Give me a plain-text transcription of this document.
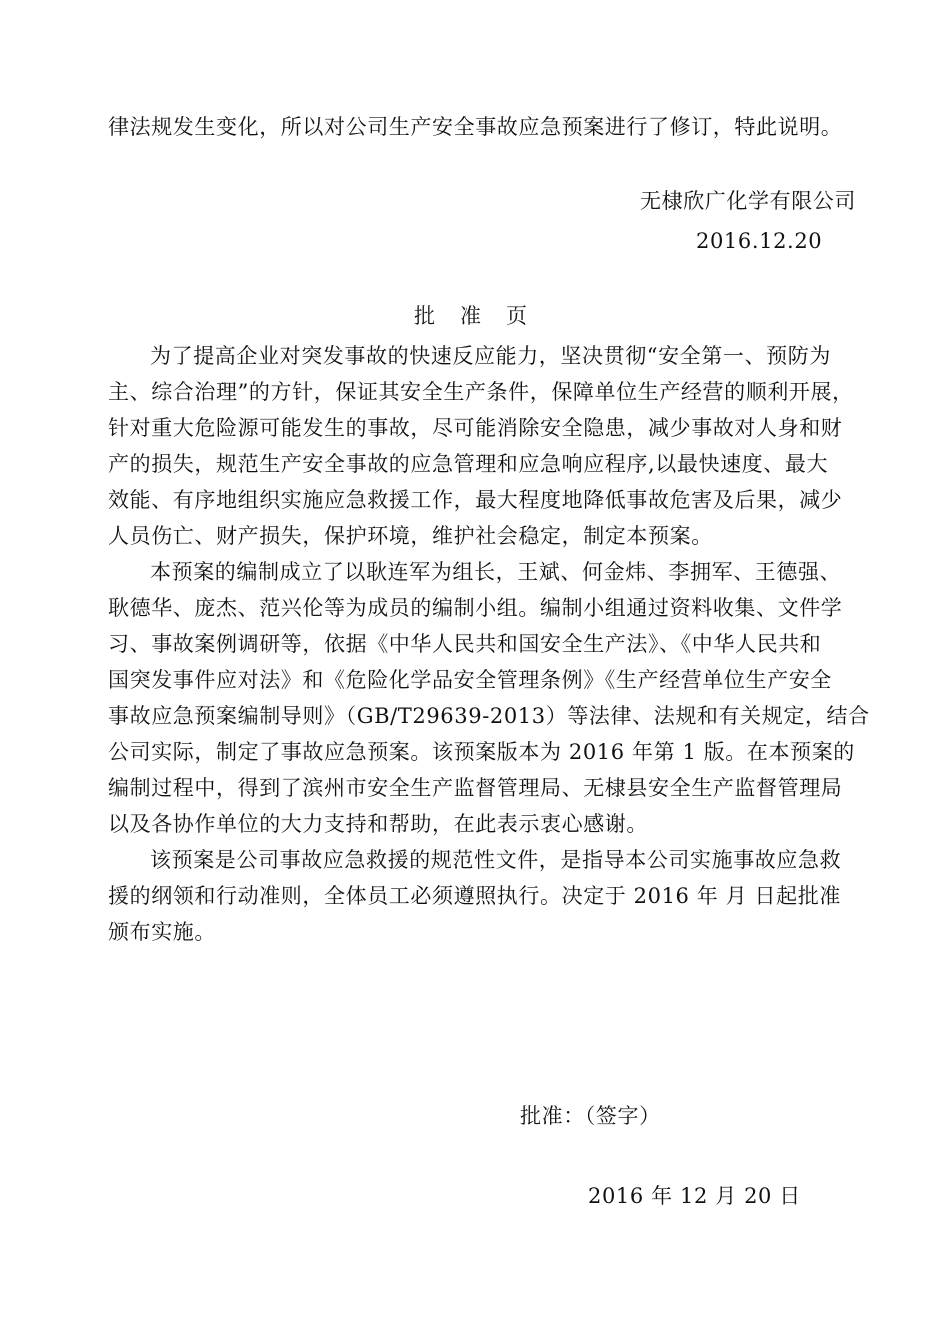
律法规发生变化，所以对公司生产安全事故应急预案进行了修订，特此说明。
无棣欣广化学有限公司
2016.12.20
批　准　页
为了提高企业对突发事故的快速反应能力，坚决贯彻“安全第一、预防为
主、综合治理”的方针，保证其安全生产条件，保障单位生产经营的顺利开展，
针对重大危险源可能发生的事故，尽可能消除安全隐患，减少事故对人身和财
产的损失，规范生产安全事故的应急管理和应急响应程序,以最快速度、最大
效能、有序地组织实施应急救援工作，最大程度地降低事故危害及后果，减少
人员伤亡、财产损失，保护环境，维护社会稳定，制定本预案。
本预案的编制成立了以耿连军为组长，王斌、何金炜、李拥军、王德强、
耿德华、庞杰、范兴伦等为成员的编制小组。编制小组通过资料收集、文件学
习、事故案例调研等，依据《中华人民共和国安全生产法》、《中华人民共和
国突发事件应对法》和《危险化学品安全管理条例》《生产经营单位生产安全
事故应急预案编制导则》（GB/T29639-2013）等法律、法规和有关规定，结合
公司实际，制定了事故应急预案。该预案版本为 2016 年第 1 版。在本预案的
编制过程中，得到了滨州市安全生产监督管理局、无棣县安全生产监督管理局
以及各协作单位的大力支持和帮助，在此表示衷心感谢。
该预案是公司事故应急救援的规范性文件，是指导本公司实施事故应急救
援的纲领和行动准则，全体员工必须遵照执行。决定于 2016 年 月 日起批准
颁布实施。
批准：（签字）
2016 年 12 月 20 日
